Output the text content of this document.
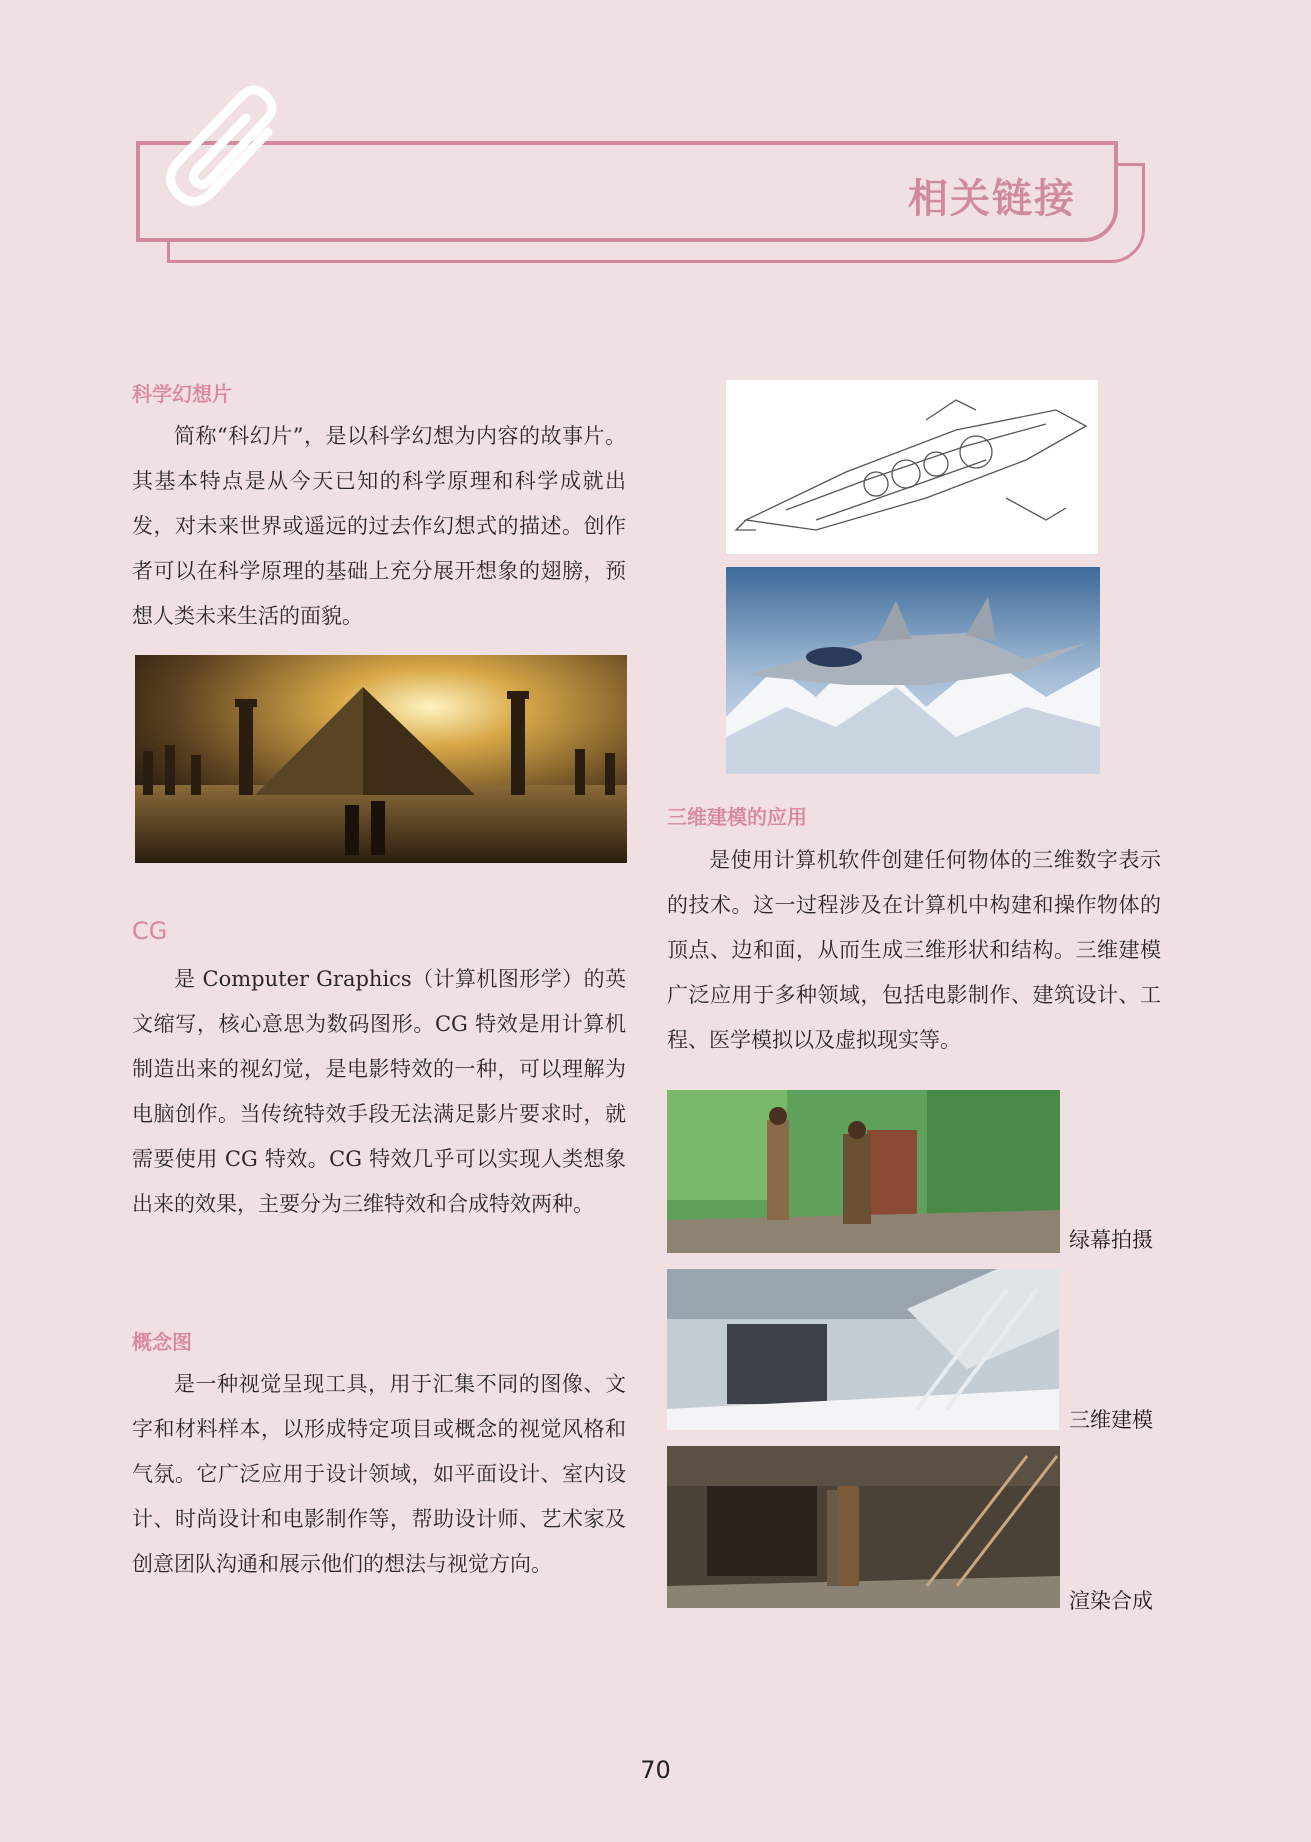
相关链接
科学幻想片
简称“科幻片”，是以科学幻想为内容的故事片。其基本特点是从今天已知的科学原理和科学成就出发，对未来世界或遥远的过去作幻想式的描述。创作者可以在科学原理的基础上充分展开想象的翅膀，预想人类未来生活的面貌。
CG
是 Computer Graphics（计算机图形学）的英文缩写，核心意思为数码图形。CG 特效是用计算机制造出来的视幻觉，是电影特效的一种，可以理解为电脑创作。当传统特效手段无法满足影片要求时，就需要使用 CG 特效。CG 特效几乎可以实现人类想象出来的效果，主要分为三维特效和合成特效两种。
概念图
是一种视觉呈现工具，用于汇集不同的图像、文字和材料样本，以形成特定项目或概念的视觉风格和气氛。它广泛应用于设计领域，如平面设计、室内设计、时尚设计和电影制作等，帮助设计师、艺术家及创意团队沟通和展示他们的想法与视觉方向。
三维建模的应用
是使用计算机软件创建任何物体的三维数字表示的技术。这一过程涉及在计算机中构建和操作物体的顶点、边和面，从而生成三维形状和结构。三维建模广泛应用于多种领域，包括电影制作、建筑设计、工程、医学模拟以及虚拟现实等。
绿幕拍摄
三维建模
渲染合成
70
